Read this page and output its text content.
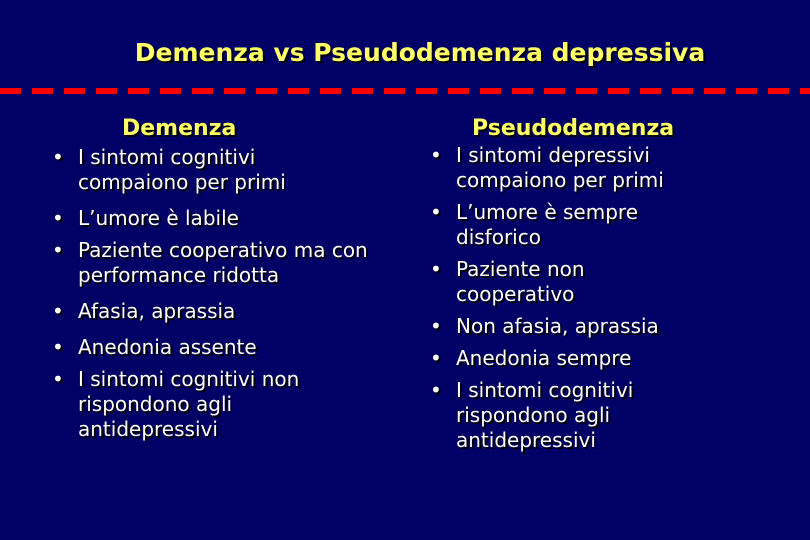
Demenza vs Pseudodemenza depressiva
Demenza
• I sintomi cognitivi compaiono per primi
• L’umore è labile
• Paziente cooperativo ma con performance ridotta
• Afasia, aprassia
• Anedonia assente
• I sintomi cognitivi non rispondono agli antidepressivi
Pseudodemenza
• I sintomi depressivi compaiono per primi
• L’umore è sempre disforico
• Paziente non cooperativo
• Non afasia, aprassia
• Anedonia sempre
• I sintomi cognitivi rispondono agli antidepressivi
